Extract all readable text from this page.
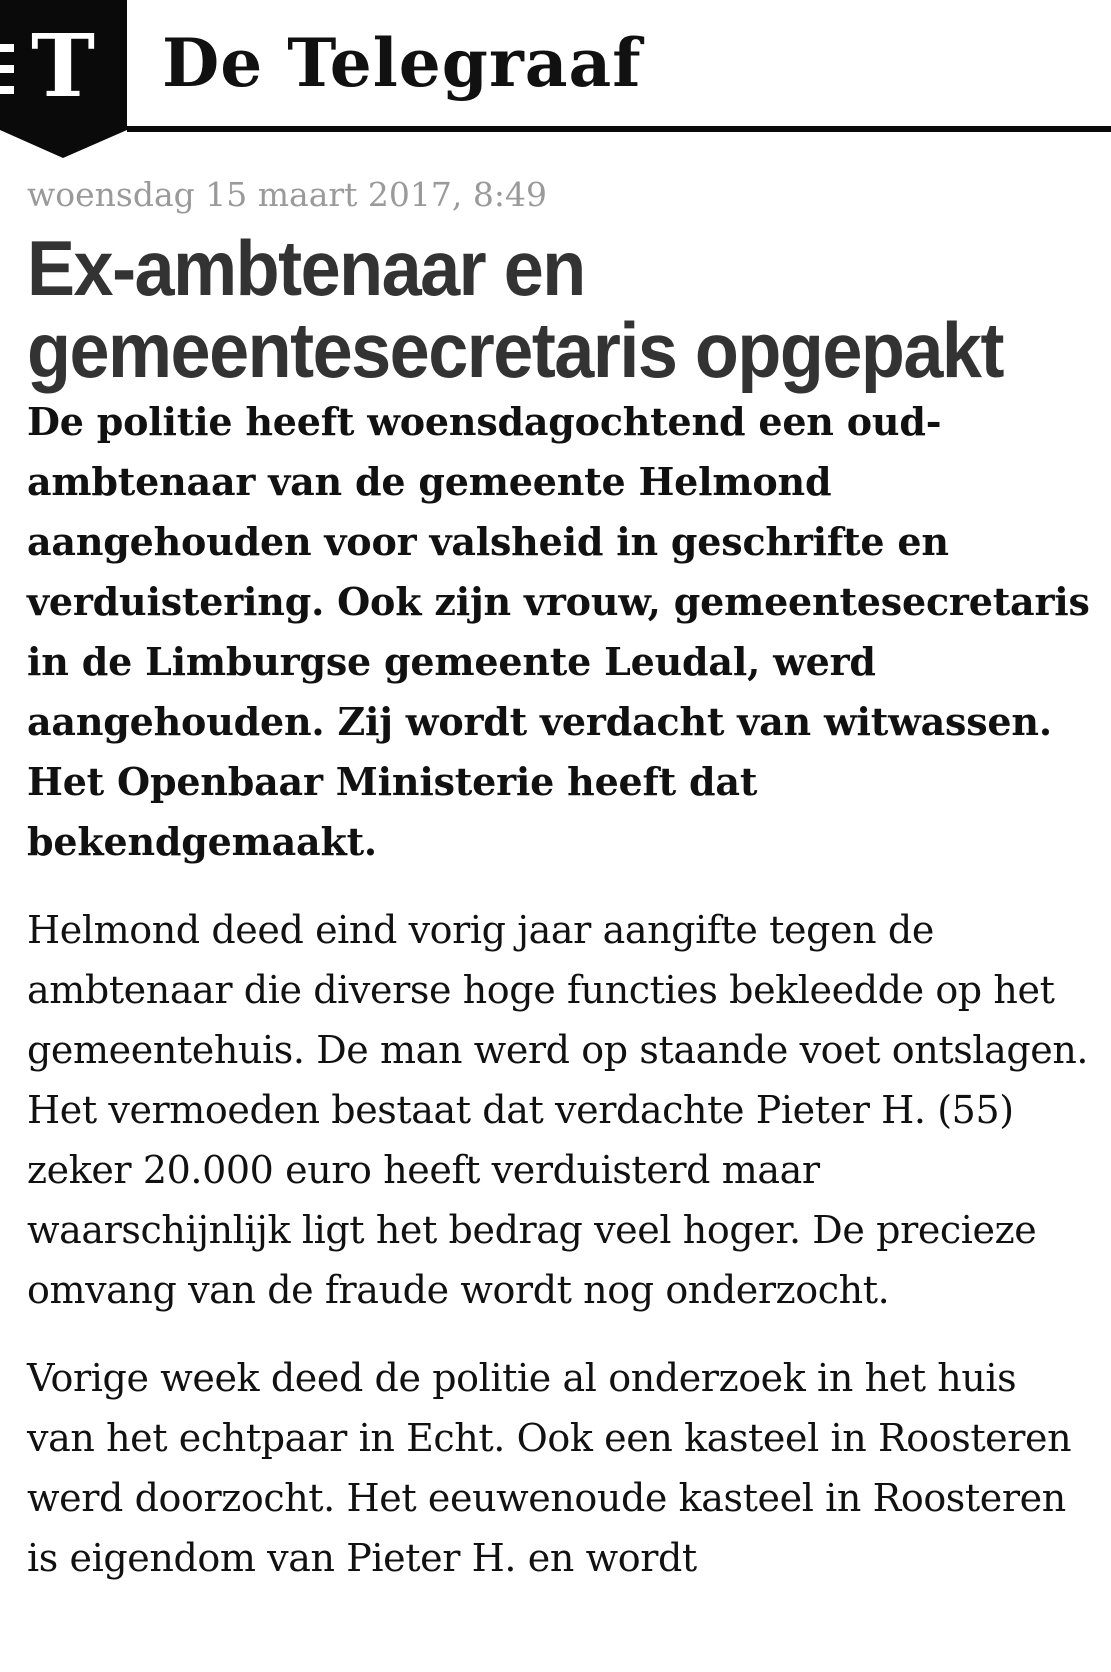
T De Telegraaf

woensdag 15 maart 2017, 8:49

Ex-ambtenaar en gemeentesecretaris opgepakt

De politie heeft woensdagochtend een oud-ambtenaar van de gemeente Helmond aangehouden voor valsheid in geschrifte en verduistering. Ook zijn vrouw, gemeentesecretaris in de Limburgse gemeente Leudal, werd aangehouden. Zij wordt verdacht van witwassen. Het Openbaar Ministerie heeft dat bekendgemaakt.

Helmond deed eind vorig jaar aangifte tegen de ambtenaar die diverse hoge functies bekleedde op het gemeentehuis. De man werd op staande voet ontslagen. Het vermoeden bestaat dat verdachte Pieter H. (55) zeker 20.000 euro heeft verduisterd maar waarschijnlijk ligt het bedrag veel hoger. De precieze omvang van de fraude wordt nog onderzocht.

Vorige week deed de politie al onderzoek in het huis van het echtpaar in Echt. Ook een kasteel in Roosteren werd doorzocht. Het eeuwenoude kasteel in Roosteren is eigendom van Pieter H. en wordt
